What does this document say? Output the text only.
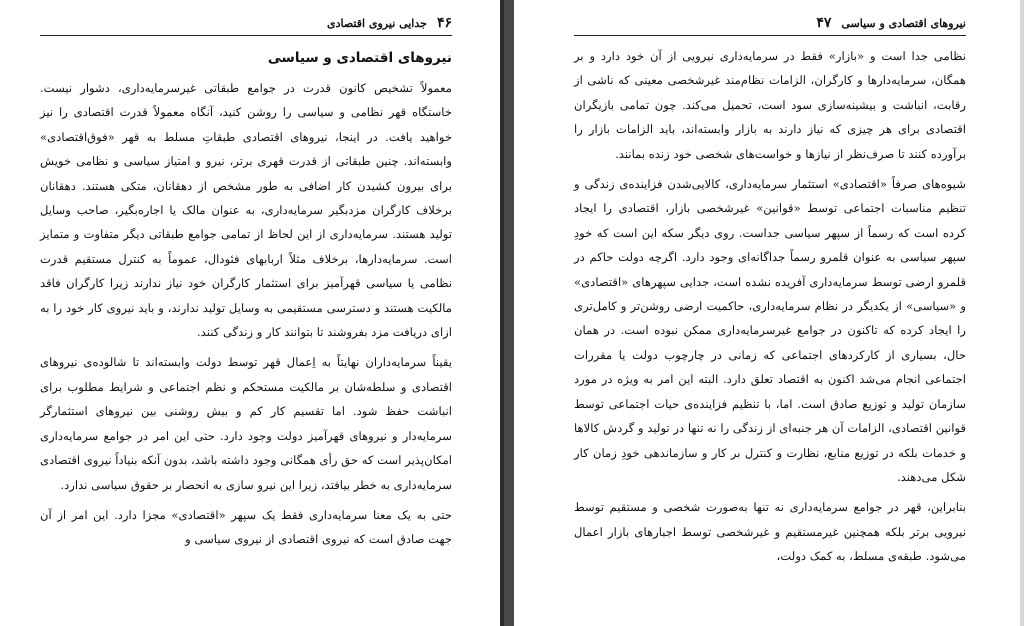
۴۶
جدایی نیروی اقتصادی
نیروهای اقتصادی و سیاسی
معمولاً تشخیص کانون قدرت در جوامع طبقاتی غیرسرمایه‌داری، دشوار نیست. خاستگاه قهر نظامی و سیاسی را روشن کنید، آنگاه معمولاً قدرت اقتصادی را نیز خواهید یافت. در اینجا، نیروهای اقتصادی طبقاتِ مسلط به قهر «فوق‌اقتصادی» وابسته‌اند. چنین طبقاتی از قدرت قهری برتر، نیرو و امتیاز سیاسی و نظامی خویش برای بیرون کشیدن کار اضافی به طور مشخص از دهقانان، متکی هستند. دهقانان برخلاف کارگران مزدبگیر سرمایه‌داری، به عنوان مالک یا اجاره‌بگیر، صاحب وسایل تولید هستند. سرمایه‌داری از این لحاظ از تمامی جوامع طبقاتی دیگر متفاوت و متمایز است. سرمایه‌دارها، برخلاف مثلاً اربابهای فئودال، عموماً به کنترل مستقیم قدرت نظامی یا سیاسی قهرآمیز برای استثمار کارگران خود نیاز ندارند زیرا کارگران فاقد مالکیت هستند و دسترسی مستقیمی به وسایل تولید ندارند، و باید نیروی کار خود را به ازای دریافت مزد بفروشند تا بتوانند کار و زندگی کنند.
یقیناً سرمایه‌داران نهایتاً به اِعمال قهر توسط دولت وابسته‌اند تا شالوده‌ی نیروهای اقتصادی و سلطه‌شان بر مالکیت مستحکم و نظم اجتماعی و شرایط مطلوب برای انباشت حفظ شود. اما تقسیم کار کم و بیش روشنی بین نیروهای استثمارگر سرمایه‌دار و نیروهای قهرآمیز دولت وجود دارد. حتی این امر در جوامع سرمایه‌داری امکان‌پذیر است که حق رأی همگانی وجود داشته باشد، بدون آنکه بنیاداً نیروی اقتصادی سرمایه‌داری به خطر بیافتد، زیرا این نیرو سازی به انحصار بر حقوق سیاسی ندارد.
حتی به یک معنا سرمایه‌داری فقط یک سپهر «اقتصادی» مجزا دارد. این امر از آن جهت صادق است که نیروی اقتصادی از نیروی سیاسی و
۴۷ نیروهای اقتصادی و سیاسی
نظامی جدا است و «بازار» فقط در سرمایه‌داری نیرویی از آن خود دارد و بر همگان، سرمایه‌دارها و کارگران، الزامات نظام‌مند غیرشخصی معینی که ناشی از رقابت، انباشت و بیشینه‌سازی سود است، تحمیل می‌کند. چون تمامی بازیگران اقتصادی برای هر چیزی که نیاز دارند به بازار وابسته‌اند، باید الزامات بازار را برآورده کنند تا صرف‌نظر از نیازها و خواست‌های شخصی خود زنده بمانند.
شیوه‌های صرفاً «اقتصادی» استثمار سرمایه‌داری، کالایی‌شدن فزاینده‌ی زندگی و تنظیم مناسبات اجتماعی توسط «قوانین» غیرشخصی بازار، اقتصادی را ایجاد کرده است که رسماً از سپهر سیاسی جداست. روی دیگر سکه این است که خودِ سپهر سیاسی به عنوان قلمرو رسماً جداگانه‌ای وجود دارد. اگرچه دولت حاکم در قلمرو ارضی توسط سرمایه‌داری آفریده نشده است، جدایی سپهرهای «اقتصادی» و «سیاسی» از یکدیگر در نظام سرمایه‌داری، حاکمیت ارضی روشن‌تر و کامل‌تری را ایجاد کرده که تاکنون در جوامع غیرسرمایه‌داری ممکن نبوده است. در همان حال، بسیاری از کارکردهای اجتماعی که زمانی در چارچوب دولت یا مقررات اجتماعی انجام می‌شد اکنون به اقتصاد تعلق دارد. البته این امر به ویژه در مورد سازمان تولید و توزیع صادق است. اما، با تنظیم فزاینده‌ی حیات اجتماعی توسط قوانین اقتصادی، الزامات آن هر جنبه‌ای از زندگی را نه تنها در تولید و گردش کالاها و خدمات بلکه در توزیع منابع، نظارت و کنترل بر کار و سازماندهی خودِ زمان کار شکل می‌دهند.
بنابراین، قهر در جوامع سرمایه‌داری نه تنها به‌صورت شخصی و مستقیم توسط نیرویی برتر بلکه همچنین غیرمستقیم و غیرشخصی توسط اجبارهای بازار اعمال می‌شود. طبقه‌ی مسلط، به کمک دولت،
